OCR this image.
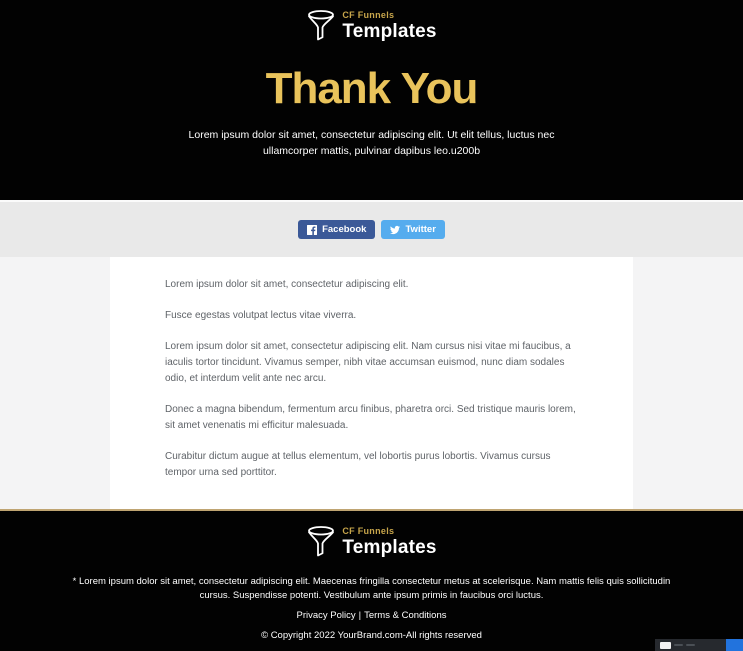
CF Funnels
Templates
Thank You

Lorem ipsum dolor sit amet, consectetur adipiscing elit. Ut elit tellus, luctus nec ullamcorper mattis, pulvinar dapibus leo.u200b

Facebook	Twitter

Lorem ipsum dolor sit amet, consectetur adipiscing elit.

Fusce egestas volutpat lectus vitae viverra.

Lorem ipsum dolor sit amet, consectetur adipiscing elit. Nam cursus nisi vitae mi faucibus, a iaculis tortor tincidunt. Vivamus semper, nibh vitae accumsan euismod, nunc diam sodales odio, et interdum velit ante nec arcu.

Donec a magna bibendum, fermentum arcu finibus, pharetra orci. Sed tristique mauris lorem, sit amet venenatis mi efficitur malesuada.

Curabitur dictum augue at tellus elementum, vel lobortis purus lobortis. Vivamus cursus tempor urna sed porttitor.

CF Funnels
Templates

* Lorem ipsum dolor sit amet, consectetur adipiscing elit. Maecenas fringilla consectetur metus at scelerisque. Nam mattis felis quis sollicitudin cursus. Suspendisse potenti. Vestibulum ante ipsum primis in faucibus orci luctus.

Privacy Policy | Terms & Conditions

© Copyright 2022 YourBrand.com-All rights reserved
